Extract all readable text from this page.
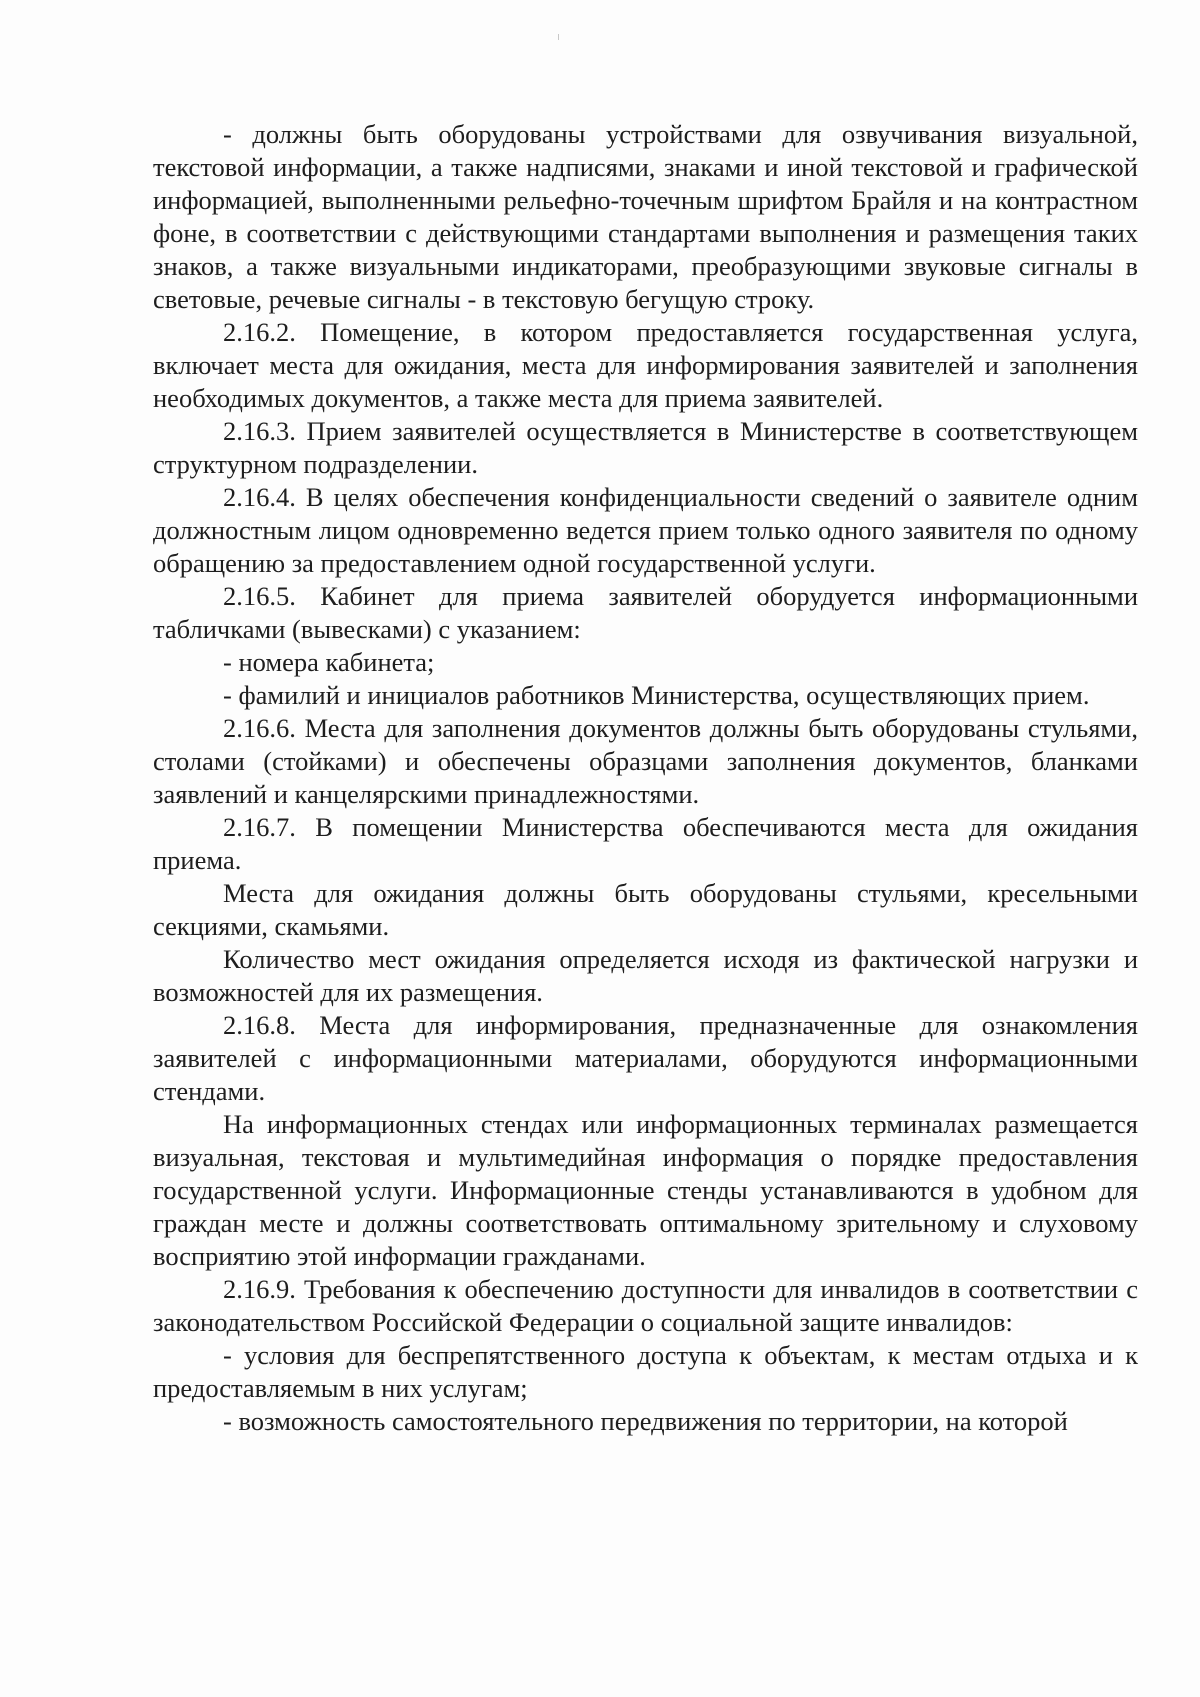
- должны быть оборудованы устройствами для озвучивания визуальной, текстовой информации, а также надписями, знаками и иной текстовой и графической информацией, выполненными рельефно-точечным шрифтом Брайля и на контрастном фоне, в соответствии с действующими стандартами выполнения и размещения таких знаков, а также визуальными индикаторами, преобразующими звуковые сигналы в световые, речевые сигналы - в текстовую бегущую строку.

2.16.2. Помещение, в котором предоставляется государственная услуга, включает места для ожидания, места для информирования заявителей и заполнения необходимых документов, а также места для приема заявителей.

2.16.3. Прием заявителей осуществляется в Министерстве в соответствующем структурном подразделении.

2.16.4. В целях обеспечения конфиденциальности сведений о заявителе одним должностным лицом одновременно ведется прием только одного заявителя по одному обращению за предоставлением одной государственной услуги.

2.16.5. Кабинет для приема заявителей оборудуется информационными табличками (вывесками) с указанием:

- номера кабинета;

- фамилий и инициалов работников Министерства, осуществляющих прием.

2.16.6. Места для заполнения документов должны быть оборудованы стульями, столами (стойками) и обеспечены образцами заполнения документов, бланками заявлений и канцелярскими принадлежностями.

2.16.7. В помещении Министерства обеспечиваются места для ожидания приема.

Места для ожидания должны быть оборудованы стульями, кресельными секциями, скамьями.

Количество мест ожидания определяется исходя из фактической нагрузки и возможностей для их размещения.

2.16.8. Места для информирования, предназначенные для ознакомления заявителей с информационными материалами, оборудуются информационными стендами.

На информационных стендах или информационных терминалах размещается визуальная, текстовая и мультимедийная информация о порядке предоставления государственной услуги. Информационные стенды устанавливаются в удобном для граждан месте и должны соответствовать оптимальному зрительному и слуховому восприятию этой информации гражданами.

2.16.9. Требования к обеспечению доступности для инвалидов в соответствии с законодательством Российской Федерации о социальной защите инвалидов:

- условия для беспрепятственного доступа к объектам, к местам отдыха и к предоставляемым в них услугам;

- возможность самостоятельного передвижения по территории, на которой
